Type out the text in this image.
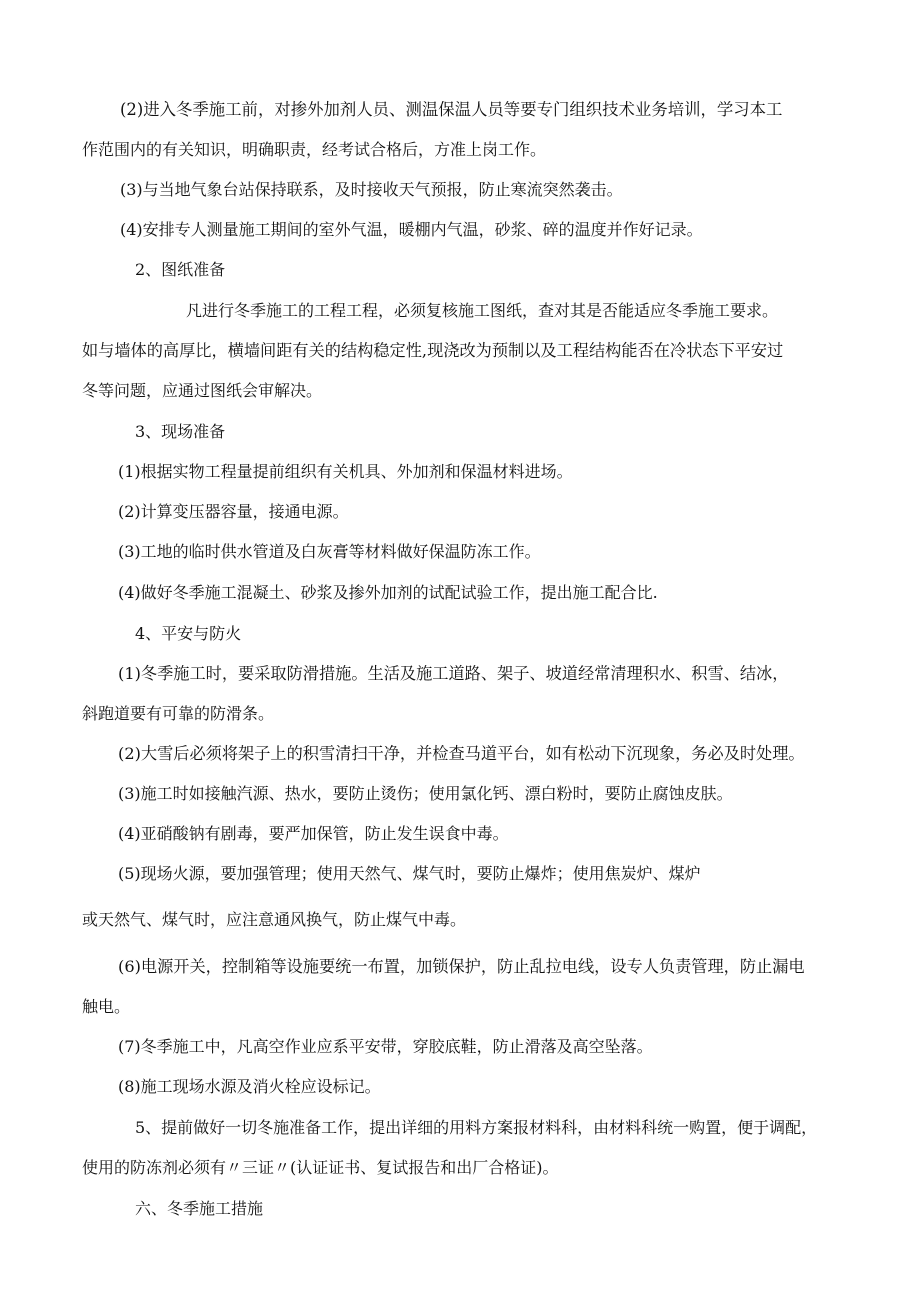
(2)进入冬季施工前，对掺外加剂人员、测温保温人员等要专门组织技术业务培训，学习本工

作范围内的有关知识，明确职责，经考试合格后，方准上岗工作。

(3)与当地气象台站保持联系，及时接收天气预报，防止寒流突然袭击。

(4)安排专人测量施工期间的室外气温，暖棚内气温，砂浆、碎的温度并作好记录。

2、图纸准备

凡进行冬季施工的工程工程，必须复核施工图纸，查对其是否能适应冬季施工要求。

如与墙体的高厚比，横墙间距有关的结构稳定性,现浇改为预制以及工程结构能否在冷状态下平安过

冬等问题，应通过图纸会审解决。

3、现场准备

(1)根据实物工程量提前组织有关机具、外加剂和保温材料进场。

(2)计算变压器容量，接通电源。

(3)工地的临时供水管道及白灰膏等材料做好保温防冻工作。

(4)做好冬季施工混凝土、砂浆及掺外加剂的试配试验工作，提出施工配合比.

4、平安与防火

(1)冬季施工时，要采取防滑措施。生活及施工道路、架子、坡道经常清理积水、积雪、结冰，

斜跑道要有可靠的防滑条。

(2)大雪后必须将架子上的积雪清扫干净，并检查马道平台，如有松动下沉现象，务必及时处理。

(3)施工时如接触汽源、热水，要防止烫伤；使用氯化钙、漂白粉时，要防止腐蚀皮肤。

(4)亚硝酸钠有剧毒，要严加保管，防止发生误食中毒。

(5)现场火源，要加强管理；使用天然气、煤气时，要防止爆炸；使用焦炭炉、煤炉

或天然气、煤气时，应注意通风换气，防止煤气中毒。

(6)电源开关，控制箱等设施要统一布置，加锁保护，防止乱拉电线，设专人负责管理，防止漏电

触电。

(7)冬季施工中，凡高空作业应系平安带，穿胶底鞋，防止滑落及高空坠落。

(8)施工现场水源及消火栓应设标记。

5、提前做好一切冬施准备工作，提出详细的用料方案报材料科，由材料科统一购置，便于调配，

使用的防冻剂必须有〃三证〃(认证证书、复试报告和出厂合格证)。

六、冬季施工措施
